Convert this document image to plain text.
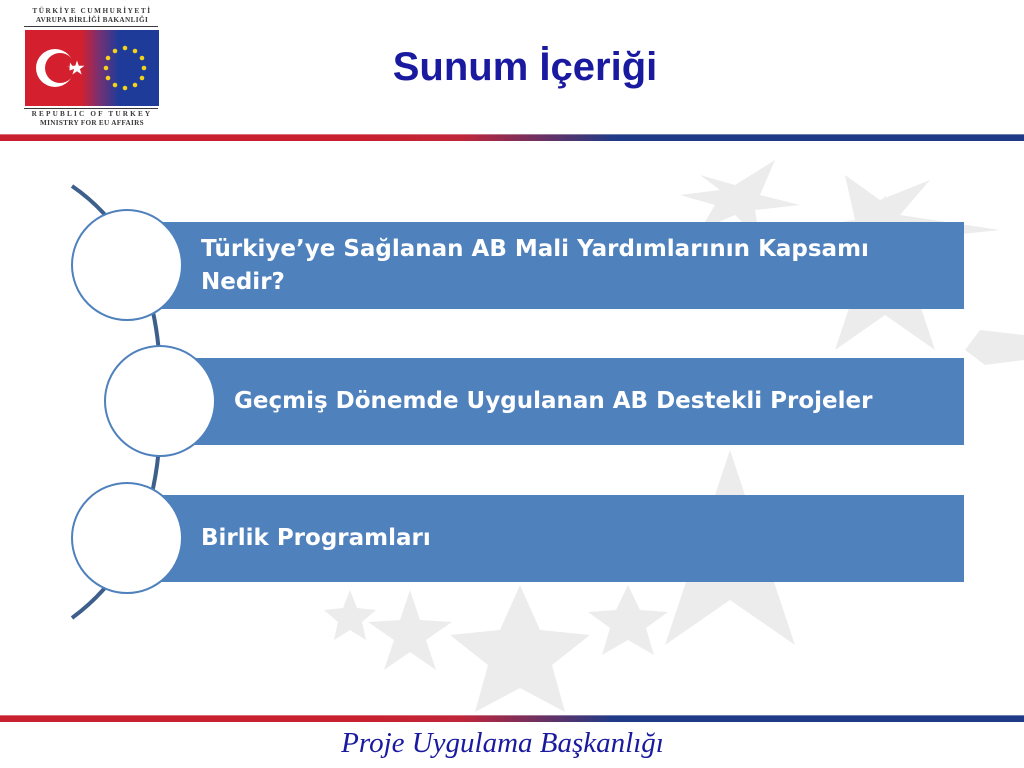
TÜRKİYE CUMHURİYETİ
AVRUPA BİRLİĞİ BAKANLIĞI
REPUBLIC OF TURKEY
MINISTRY FOR EU AFFAIRS
Sunum İçeriği
Türkiye’ye Sağlanan AB Mali Yardımlarının Kapsamı Nedir?
Geçmiş Dönemde Uygulanan AB Destekli Projeler
Birlik Programları
Proje Uygulama Başkanlığı
